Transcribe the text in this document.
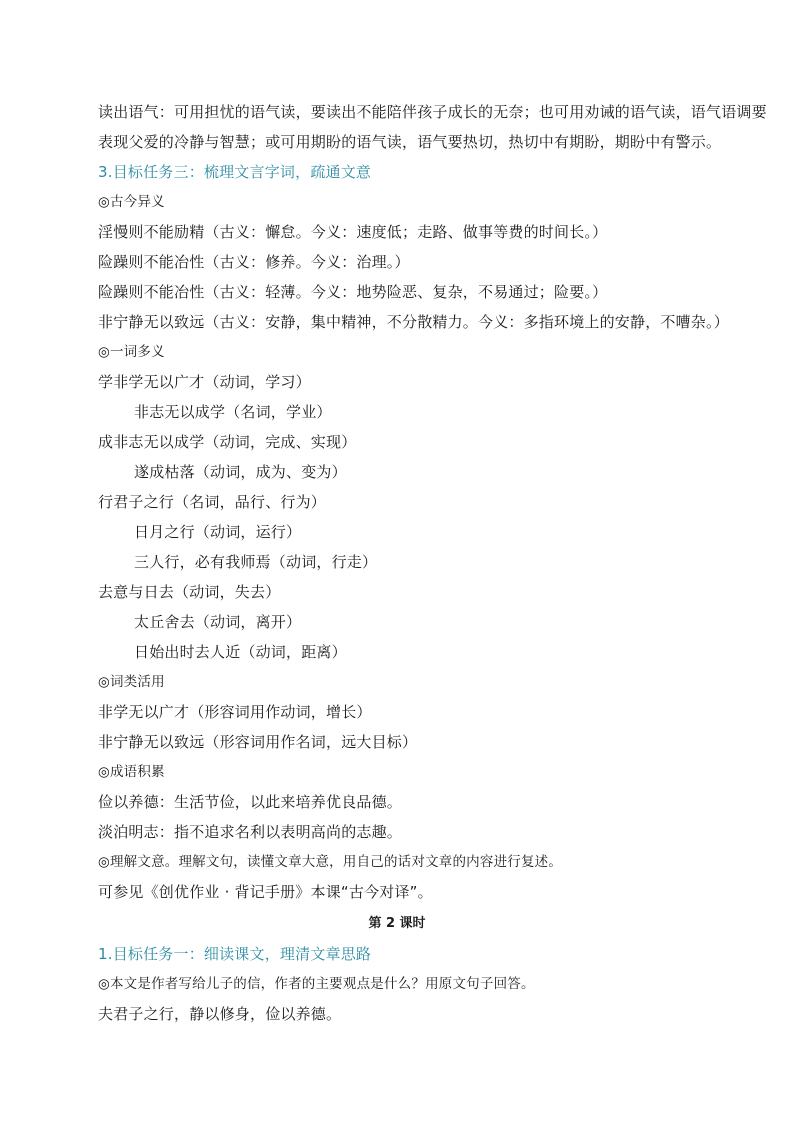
读出语气：可用担忧的语气读，要读出不能陪伴孩子成长的无奈；也可用劝诫的语气读，语气语调要
表现父爱的冷静与智慧；或可用期盼的语气读，语气要热切，热切中有期盼，期盼中有警示。
3.目标任务三：梳理文言字词，疏通文意
◎古今异义
淫慢则不能励精（古义：懈怠。今义：速度低；走路、做事等费的时间长。）
险躁则不能冶性（古义：修养。今义：治理。）
险躁则不能冶性（古义：轻薄。今义：地势险恶、复杂，不易通过；险要。）
非宁静无以致远（古义：安静，集中精神，不分散精力。今义：多指环境上的安静，不嘈杂。）
◎一词多义
学非学无以广才（动词，学习）
非志无以成学（名词，学业）
成非志无以成学（动词，完成、实现）
遂成枯落（动词，成为、变为）
行君子之行（名词，品行、行为）
日月之行（动词，运行）
三人行，必有我师焉（动词，行走）
去意与日去（动词，失去）
太丘舍去（动词，离开）
日始出时去人近（动词，距离）
◎词类活用
非学无以广才（形容词用作动词，增长）
非宁静无以致远（形容词用作名词，远大目标）
◎成语积累
俭以养德：生活节俭，以此来培养优良品德。
淡泊明志：指不追求名利以表明高尚的志趣。
◎理解文意。理解文句，读懂文章大意，用自己的话对文章的内容进行复述。
可参见《创优作业 · 背记手册》本课“古今对译”。
第 2 课时
1.目标任务一：细读课文，理清文章思路
◎本文是作者写给儿子的信，作者的主要观点是什么？用原文句子回答。
夫君子之行，静以修身，俭以养德。
